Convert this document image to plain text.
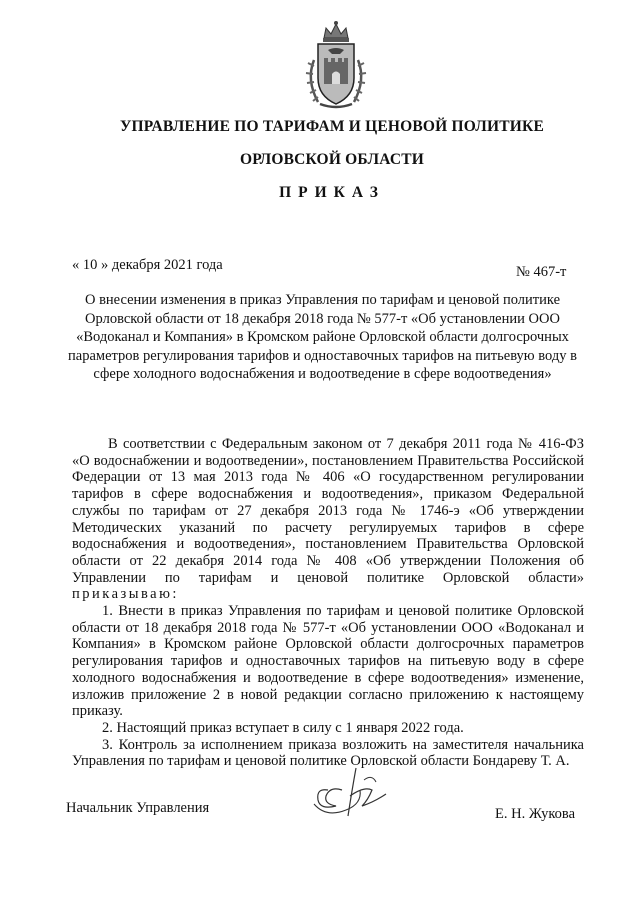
УПРАВЛЕНИЕ ПО ТАРИФАМ И ЦЕНОВОЙ ПОЛИТИКЕ
ОРЛОВСКОЙ ОБЛАСТИ
ПРИКАЗ
« 10 » декабря 2021 года	№ 467-т
О внесении изменения в приказ Управления по тарифам и ценовой политике Орловской области от 18 декабря 2018 года № 577-т «Об установлении ООО «Водоканал и Компания» в Кромском районе Орловской области долгосрочных параметров регулирования тарифов и одноставочных тарифов на питьевую воду в сфере холодного водоснабжения и водоотведение в сфере водоотведения»

В соответствии с Федеральным законом от 7 декабря 2011 года № 416-ФЗ «О водоснабжении и водоотведении», постановлением Правительства Российской Федерации от 13 мая 2013 года № 406 «О государственном регулировании тарифов в сфере водоснабжения и водоотведения», приказом Федеральной службы по тарифам от 27 декабря 2013 года № 1746-э «Об утверждении Методических указаний по расчету регулируемых тарифов в сфере водоснабжения и водоотведения», постановлением Правительства Орловской области от 22 декабря 2014 года № 408 «Об утверждении Положения об Управлении по тарифам и ценовой политике Орловской области» приказываю:

1. Внести в приказ Управления по тарифам и ценовой политике Орловской области от 18 декабря 2018 года № 577-т «Об установлении ООО «Водоканал и Компания» в Кромском районе Орловской области долгосрочных параметров регулирования тарифов и одноставочных тарифов на питьевую воду в сфере холодного водоснабжения и водоотведение в сфере водоотведения» изменение, изложив приложение 2 в новой редакции согласно приложению к настоящему приказу.

2. Настоящий приказ вступает в силу с 1 января 2022 года.

3. Контроль за исполнением приказа возложить на заместителя начальника Управления по тарифам и ценовой политике Орловской области Бондареву Т. А.

Начальник Управления	Е. Н. Жукова
